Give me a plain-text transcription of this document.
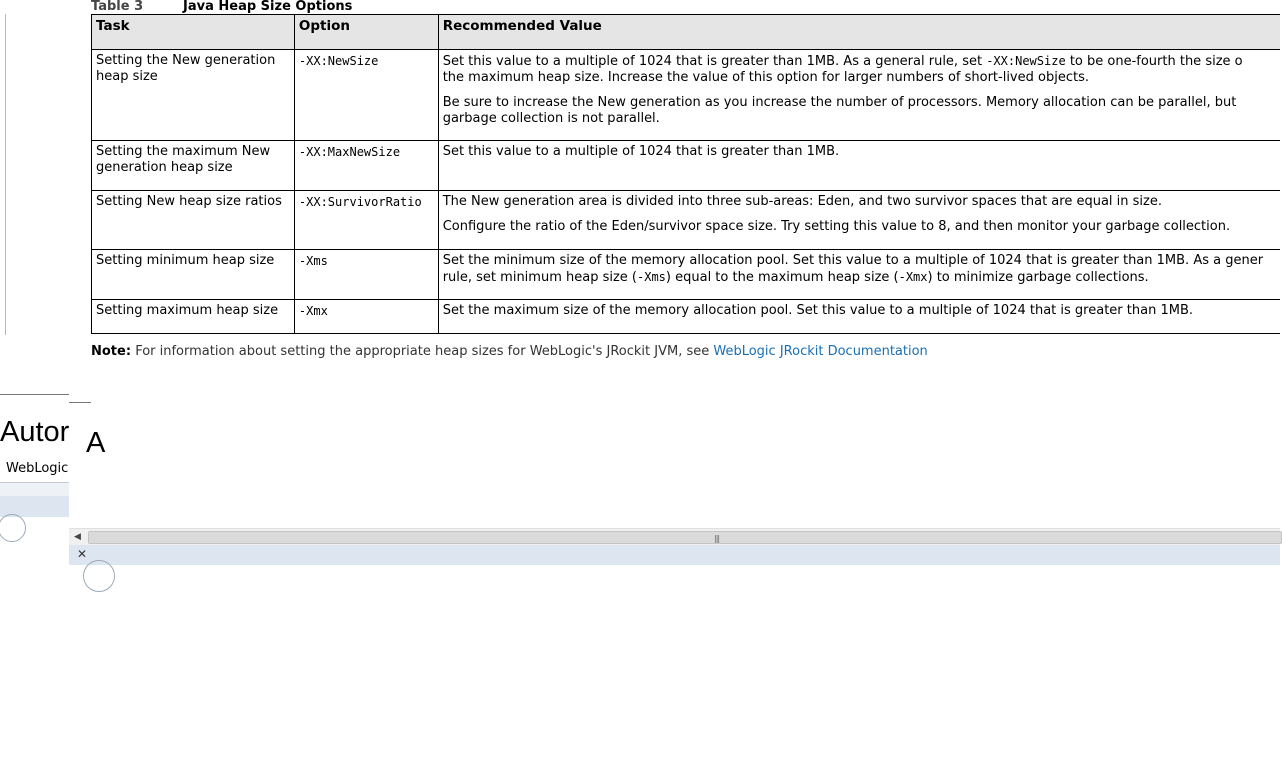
Table 3	Java Heap Size Options
Task	Option	Recommended Value
Setting the New generation heap size	-XX:NewSize	Set this value to a multiple of 1024 that is greater than 1MB. As a general rule, set -XX:NewSize to be one-fourth the size o
the maximum heap size. Increase the value of this option for larger numbers of short-lived objects.

Be sure to increase the New generation as you increase the number of processors. Memory allocation can be parallel, but
garbage collection is not parallel.

Setting the maximum New generation heap size	-XX:MaxNewSize	Set this value to a multiple of 1024 that is greater than 1MB.

Setting New heap size ratios	-XX:SurvivorRatio	The New generation area is divided into three sub-areas: Eden, and two survivor spaces that are equal in size.

Configure the ratio of the Eden/survivor space size. Try setting this value to 8, and then monitor your garbage collection.

Setting minimum heap size	-Xms	Set the minimum size of the memory allocation pool. Set this value to a multiple of 1024 that is greater than 1MB. As a gener
rule, set minimum heap size (-Xms) equal to the maximum heap size (-Xmx) to minimize garbage collections.

Setting maximum heap size	-Xmx	Set the maximum size of the memory allocation pool. Set this value to a multiple of 1024 that is greater than 1MB.

Note: For information about setting the appropriate heap sizes for WebLogic's JRockit JVM, see WebLogic JRockit Documentation
Autor A
WebLogic
◀	|||
✕
